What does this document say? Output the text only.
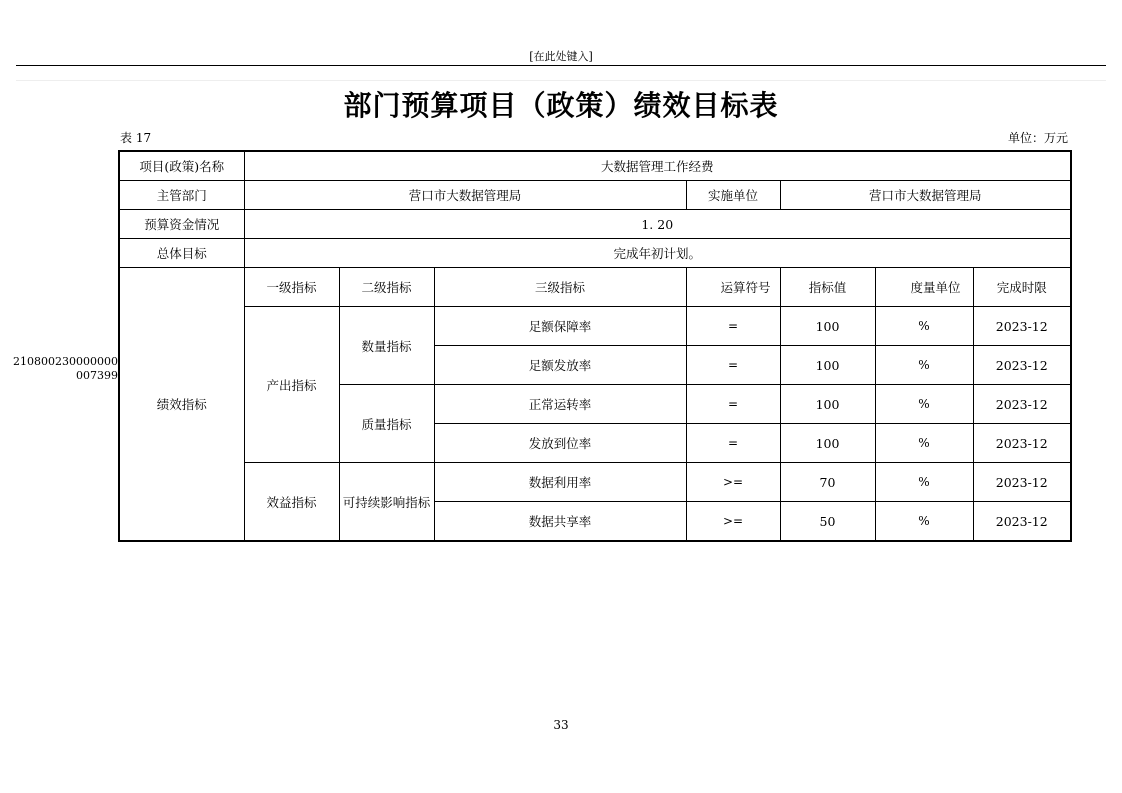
[在此处键入]
部门预算项目（政策）绩效目标表
表 17	单位：万元
210800230000000007399
项目(政策)名称	大数据管理工作经费						
主管部门	营口市大数据管理局			实施单位	营口市大数据管理局		
预算资金情况	1. 20						
总体目标	完成年初计划。						
绩效指标	一级指标	二级指标	三级指标	运算符号	指标值	度量单位	完成时限
	产出指标	数量指标	足额保障率	=	100	%	2023-12
			足额发放率	=	100	%	2023-12
		质量指标	正常运转率	=	100	%	2023-12
			发放到位率	=	100	%	2023-12
	效益指标	可持续影响指标	数据利用率	>=	70	%	2023-12
			数据共享率	>=	50	%	2023-12
33
